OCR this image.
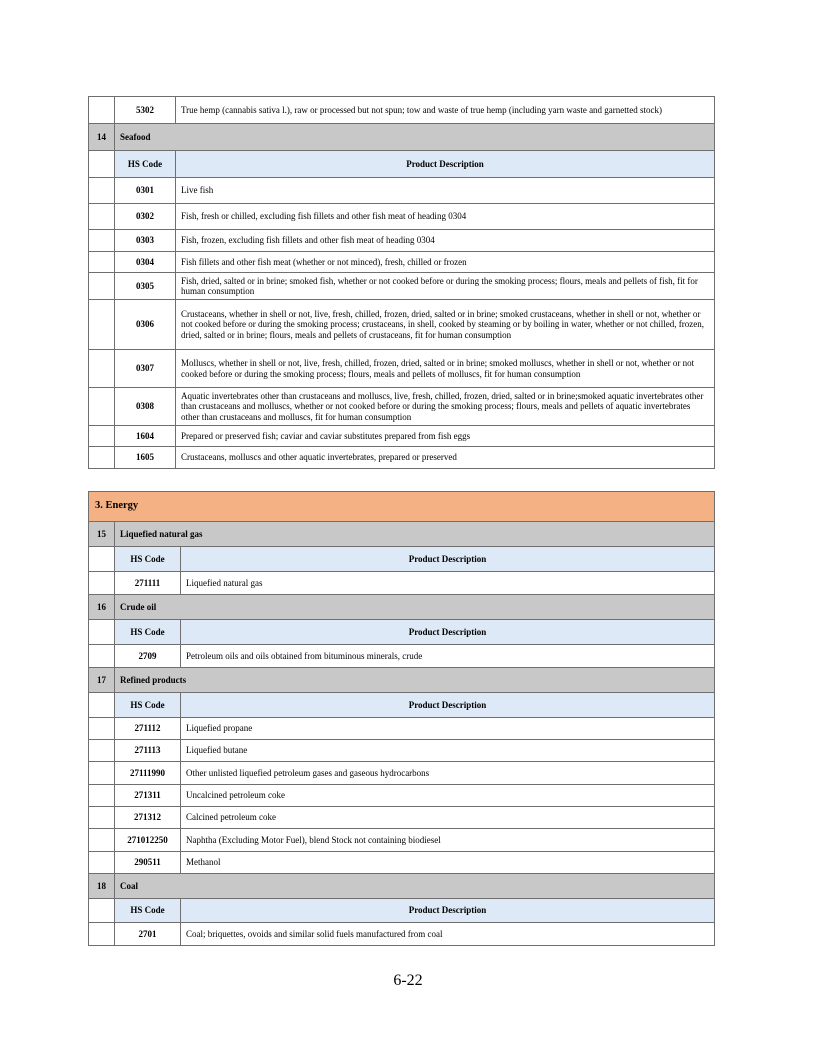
	5302	True hemp (cannabis sativa l.), raw or processed but not spun; tow and waste of true hemp (including yarn waste and garnetted stock)
14	Seafood	
	HS Code	Product Description
	0301	Live fish
	0302	Fish, fresh or chilled, excluding fish fillets and other fish meat of heading 0304
	0303	Fish, frozen, excluding fish fillets and other fish meat of heading 0304
	0304	Fish fillets and other fish meat (whether or not minced), fresh, chilled or frozen
	0305	Fish, dried, salted or in brine; smoked fish, whether or not cooked before or during the smoking process; flours, meals and pellets of fish, fit for human consumption
	0306	Crustaceans, whether in shell or not, live, fresh, chilled, frozen, dried, salted or in brine; smoked crustaceans, whether in shell or not, whether or not cooked before or during the smoking process; crustaceans, in shell, cooked by steaming or by boiling in water, whether or not chilled, frozen, dried, salted or in brine; flours, meals and pellets of crustaceans, fit for human consumption
	0307	Molluscs, whether in shell or not, live, fresh, chilled, frozen, dried, salted or in brine; smoked molluscs, whether in shell or not, whether or not cooked before or during the smoking process; flours, meals and pellets of molluscs, fit for human consumption
	0308	Aquatic invertebrates other than crustaceans and molluscs, live, fresh, chilled, frozen, dried, salted or in brine;smoked aquatic invertebrates other than crustaceans and molluscs, whether or not cooked before or during the smoking process; flours, meals and pellets of aquatic invertebrates other than crustaceans and molluscs, fit for human consumption
	1604	Prepared or preserved fish; caviar and caviar substitutes prepared from fish eggs
	1605	Crustaceans, molluscs and other aquatic invertebrates, prepared or preserved
3. Energy		
15	Liquefied natural gas	
	HS Code	Product Description
	271111	Liquefied natural gas
16	Crude oil	
	HS Code	Product Description
	2709	Petroleum oils and oils obtained from bituminous minerals, crude
17	Refined products	
	HS Code	Product Description
	271112	Liquefied propane
	271113	Liquefied butane
	27111990	Other unlisted liquefied petroleum gases and gaseous hydrocarbons
	271311	Uncalcined petroleum coke
	271312	Calcined petroleum coke
	271012250	Naphtha (Excluding Motor Fuel), blend Stock not containing biodiesel
	290511	Methanol
18	Coal	
	HS Code	Product Description
	2701	Coal; briquettes, ovoids and similar solid fuels manufactured from coal
6-22
